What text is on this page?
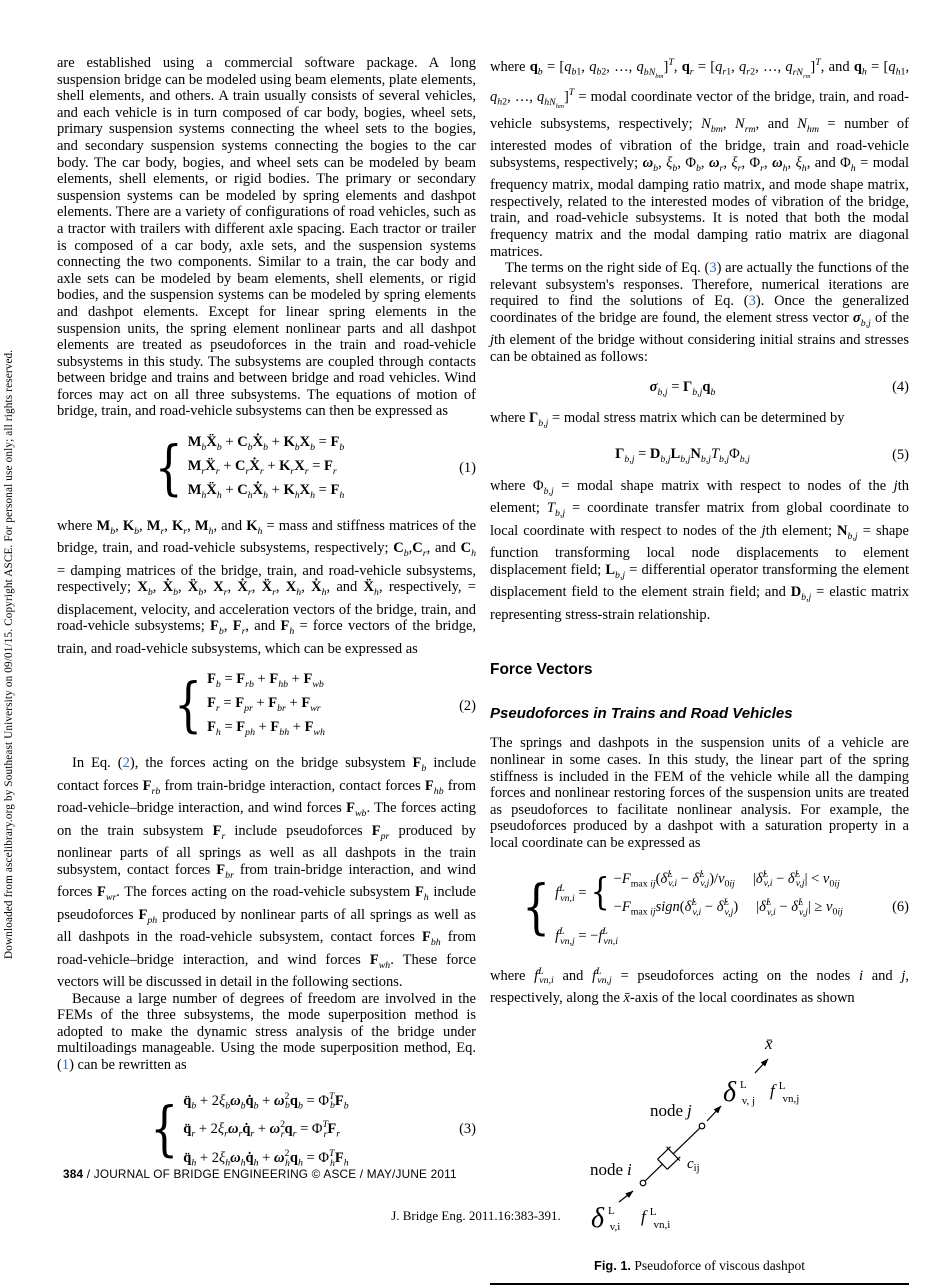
Downloaded from ascelibrary.org by Southeast University on 09/01/15. Copyright ASCE. For personal use only; all rights reserved.

are established using a commercial software package. A long suspension bridge can be modeled using beam elements, plate elements, shell elements, and others. A train usually consists of several vehicles, and each vehicle is in turn composed of car body, bogies, wheel sets, primary suspension systems connecting the wheel sets to the bogies, and secondary suspension systems connecting the bogies to the car body. The car body, bogies, and wheel sets can be modeled by beam elements, shell elements, or rigid bodies. The primary or secondary suspension systems can be modeled by spring elements and dashpot elements. There are a variety of configurations of road vehicles, such as a tractor with trailers with different axle spacing. Each tractor or trailer is composed of a car body, axle sets, and the suspension systems connecting the two components. Similar to a train, the car body and axle sets can be modeled by beam elements, shell elements, or rigid bodies, and the suspension systems can be modeled by spring elements and dashpot elements. Except for linear spring elements in the suspension units, the spring element nonlinear parts and all dashpot elements are treated as pseudoforces in the train and road-vehicle subsystems in this study. The subsystems are coupled through contacts between bridge and trains and between bridge and road vehicles. Wind forces may act on all three subsystems. The equations of motion of bridge, train, and road-vehicle subsystems can then be expressed as

{ $M_bẌ_b$ + $C_bẊ_b + K_bX_b = F_b$
$M_rẌ_r$ + $C_rẊ_r + K_rX_r = F_r$
$M_hẌ_h$ + $C_hẊ_h + K_hX_h = F_h$
(1)

where $M_b$, $K_b$, $M_r$, $K_r$, $M_h$, and $K_h$ = mass and stiffness matrices of the bridge, train, and road-vehicle subsystems, respectively; $C_b,C_r$, and $C_h$ = damping matrices of the bridge, train, and road-vehicle subsystems, respectively; $X_b$, Ẋ$_b$, Ẍ$_b$, $X_r$, Ẋ$_r$, Ẍ$_r$, $X_h$, Ẋ$_h$, and Ẍ$_h$, respectively, = displacement, velocity, and acceleration vectors of the bridge, train, and road-vehicle subsystems; $F_b$, $F_r$, and $F_h$ = force vectors of the bridge, train, and road-vehicle subsystems, which can be expressed as

{ $F_b = F_{rb} + F_{hb} + F_{wb}$
$F_r = F_{pr} + F_{br} + F_{wr}$
$F_h = F_{ph} + F_{bh} + F_{wh}$
(2)

In Eq. (2), the forces acting on the bridge subsystem $F_b$ include contact forces $F_{rb}$ from train-bridge interaction, contact forces $F_{hb}$ from road-vehicle–bridge interaction, and wind forces $F_{wb}$. The forces acting on the train subsystem $F_r$ include pseudoforces $F_{pr}$ produced by nonlinear parts of all springs as well as all dashpots in the train subsystem, contact forces $F_{br}$ from train-bridge interaction, and wind forces $F_{wr}$. The forces acting on the road-vehicle subsystem $F_h$ include pseudoforces $F_{ph}$ produced by nonlinear parts of all springs as well as all dashpots in the road-vehicle subsystem, contact forces $F_{bh}$ from road-vehicle–bridge interaction, and wind forces $F_{wh}$. These force vectors will be discussed in detail in the following sections.

Because a large number of degrees of freedom are involved in the FEMs of the three subsystems, the mode superposition method is adopted to make the dynamic stress analysis of the bridge under multiloadings manageable. Using the mode superposition method, Eq. (1) can be rewritten as

{ $q̈_b$ + $2\xi_b\omega_bq̇_b + \omega^2_bq_b = \Phi^T_bF_b$
$q̈_r$ + $2\xi_r\omega_rq̇_r + \omega^2_rq_r = \Phi^T_rF_r$
$q̈_h$ + $2\xi_h\omega_hq̇_h + \omega^2_hq_h = \Phi^T_hF_h$
(3)

where $q_b = [q_{b1}$, $q_{b2}$, …, $q_{bN_{bm}}]^T$, $q_r = [q_{r1}$, $q_{r2}$, …, $q_{rN_{rm}}]^T$, and $q_h = [q_{h1}$, $q_{h2}$, …, $q_{hN_{hm}}]^T$ = modal coordinate vector of the bridge, train, and road-vehicle subsystems, respectively; $N_{bm}$, $N_{rm}$, and $N_{hm}$ = number of interested modes of vibration of the bridge, train and road-vehicle subsystems, respectively; $\omega_b$, $\xi_b$, $\Phi_b$, $\omega_r$, $\xi_r$, $\Phi_r$, $\omega_h$, $\xi_h$, and $\Phi_h$ = modal frequency matrix, modal damping ratio matrix, and mode shape matrix, respectively, related to the interested modes of vibration of the bridge, train, and road-vehicle subsystems. It is noted that both the modal frequency matrix and the modal damping ratio matrix are diagonal matrices.

The terms on the right side of Eq. (3) are actually the functions of the relevant subsystem's responses. Therefore, numerical iterations are required to find the solutions of Eq. (3). Once the generalized coordinates of the bridge are found, the element stress vector $\sigma_{b,j}$ of the jth element of the bridge without considering initial strains and stresses can be obtained as follows:

$\sigma_{b,j} = \Gamma_{b,j}q_b$	(4)

where $\Gamma_{b,j}$ = modal stress matrix which can be determined by

$\Gamma_{b,j} = D_{b,j}L_{b,j}N_{b,j}T_{b,j}\Phi_{b,j}$	(5)

where $\Phi_{b,j}$ = modal shape matrix with respect to nodes of the jth element; $T_{b,j}$ = coordinate transfer matrix from global coordinate to local coordinate with respect to nodes of the jth element; $N_{b,j}$ = shape function transforming local node displacements to element displacement field; $L_{b,j}$ = differential operator transforming the element displacement field to the element strain field; and $D_{b,j}$ = elastic matrix representing stress-strain relationship.

Force Vectors
Pseudoforces in Trains and Road Vehicles

The springs and dashpots in the suspension units of a vehicle are nonlinear in some cases. In this study, the linear part of the spring stiffness is included in the FEM of the vehicle while all the damping forces and nonlinear restoring forces of the suspension units are treated as pseudoforces to facilitate nonlinear analysis. For example, the pseudoforces produced by a dashpot with a saturation property in a local coordinate can be expressed as

{ $f^L_{vn,i}$ = { $-F_{max ij}(\deltȧ^L_{v,i}$ − $\deltȧ^L_{v,j})/\nu_{0ij}$ |δ̇$^L_{v,i}$ − δ̇$^L_{v,j}$| < $\nu_{0ij}$
$-F_{max ij}sign(\deltȧ^L_{v,i}$ − δ̇$^L_{v,j}$) |δ̇$^L_{v,i}$ − δ̇$^L_{v,j}$| ≥ $\nu_{0ij}$
$f^L_{vn,j} = -f^L_{vn,i}$
(6)

where $f^L_{vn,i}$ and $f^L_{vn,j}$ = pseudoforces acting on the nodes i and j, respectively, along the x̄-axis of the local coordinates as shown

x̄
δ $^L$ v, j
f $^L$ vn,j
node j
cij
node i
δ $^L$ v,i
f $^L$ vn,i
Fig. 1. Pseudoforce of viscous dashpot
384 / JOURNAL OF BRIDGE ENGINEERING © ASCE / MAY/JUNE 2011
J. Bridge Eng. 2011.16:383-391.
